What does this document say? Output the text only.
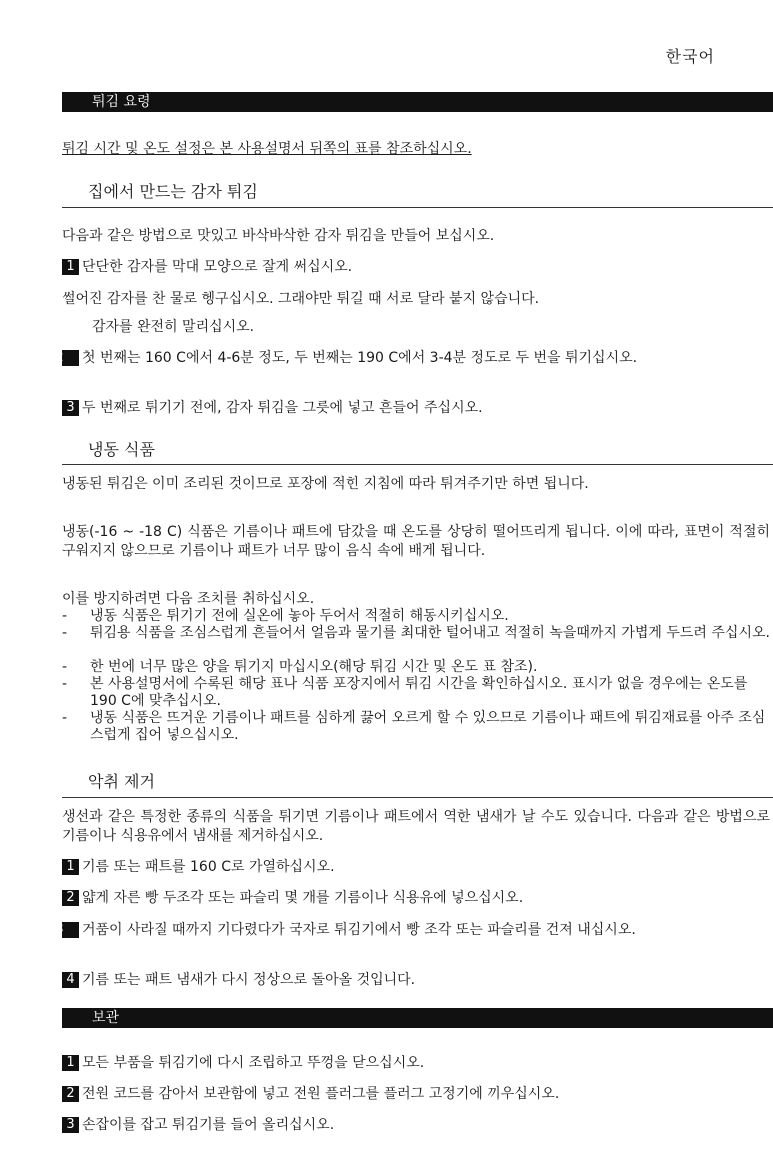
한국어
튀김 요령
튀김 시간 및 온도 설정은 본 사용설명서 뒤쪽의 표를 참조하십시오.
집에서 만드는 감자 튀김
다음과 같은 방법으로 맛있고 바삭바삭한 감자 튀김을 만들어 보십시오.
1 단단한 감자를 막대 모양으로 잘게 써십시오.
썰어진 감자를 찬 물로 헹구십시오. 그래야만 튀길 때 서로 달라 붙지 않습니다.
감자를 완전히 말리십시오.
2 첫 번째는 160 C에서 4-6분 정도, 두 번째는 190 C에서 3-4분 정도로 두 번을 튀기십시오.
3 두 번째로 튀기기 전에, 감자 튀김을 그릇에 넣고 흔들어 주십시오.
냉동 식품
냉동된 튀김은 이미 조리된 것이므로 포장에 적힌 지침에 따라 튀겨주기만 하면 됩니다.
냉동(-16 ~ -18 C) 식품은 기름이나 패트에 담갔을 때 온도를 상당히 떨어뜨리게 됩니다. 이에 따라, 표면이 적절히 구워지지 않으므로 기름이나 패트가 너무 많이 음식 속에 배게 됩니다.
이를 방지하려면 다음 조치를 취하십시오.
- 냉동 식품은 튀기기 전에 실온에 놓아 두어서 적절히 해동시키십시오.
- 튀김용 식품을 조심스럽게 흔들어서 얼음과 물기를 최대한 털어내고 적절히 녹을때까지 가볍게 두드려 주십시오.
- 한 번에 너무 많은 양을 튀기지 마십시오(해당 튀김 시간 및 온도 표 참조).
- 본 사용설명서에 수록된 해당 표나 식품 포장지에서 튀김 시간을 확인하십시오. 표시가 없을 경우에는 온도를 190 C에 맞추십시오.
- 냉동 식품은 뜨거운 기름이나 패트를 심하게 끓어 오르게 할 수 있으므로 기름이나 패트에 튀김재료를 아주 조심스럽게 집어 넣으십시오.
악취 제거
생선과 같은 특정한 종류의 식품을 튀기면 기름이나 패트에서 역한 냄새가 날 수도 있습니다. 다음과 같은 방법으로 기름이나 식용유에서 냄새를 제거하십시오.
1 기름 또는 패트를 160 C로 가열하십시오.
2 얇게 자른 빵 두조각 또는 파슬리 몇 개를 기름이나 식용유에 넣으십시오.
3 거품이 사라질 때까지 기다렸다가 국자로 튀김기에서 빵 조각 또는 파슬리를 건져 내십시오.
4 기름 또는 패트 냄새가 다시 정상으로 돌아올 것입니다.
보관
1 모든 부품을 튀김기에 다시 조립하고 뚜껑을 닫으십시오.
2 전원 코드를 감아서 보관함에 넣고 전원 플러그를 플러그 고정기에 끼우십시오.
3 손잡이를 잡고 튀김기를 들어 올리십시오.
